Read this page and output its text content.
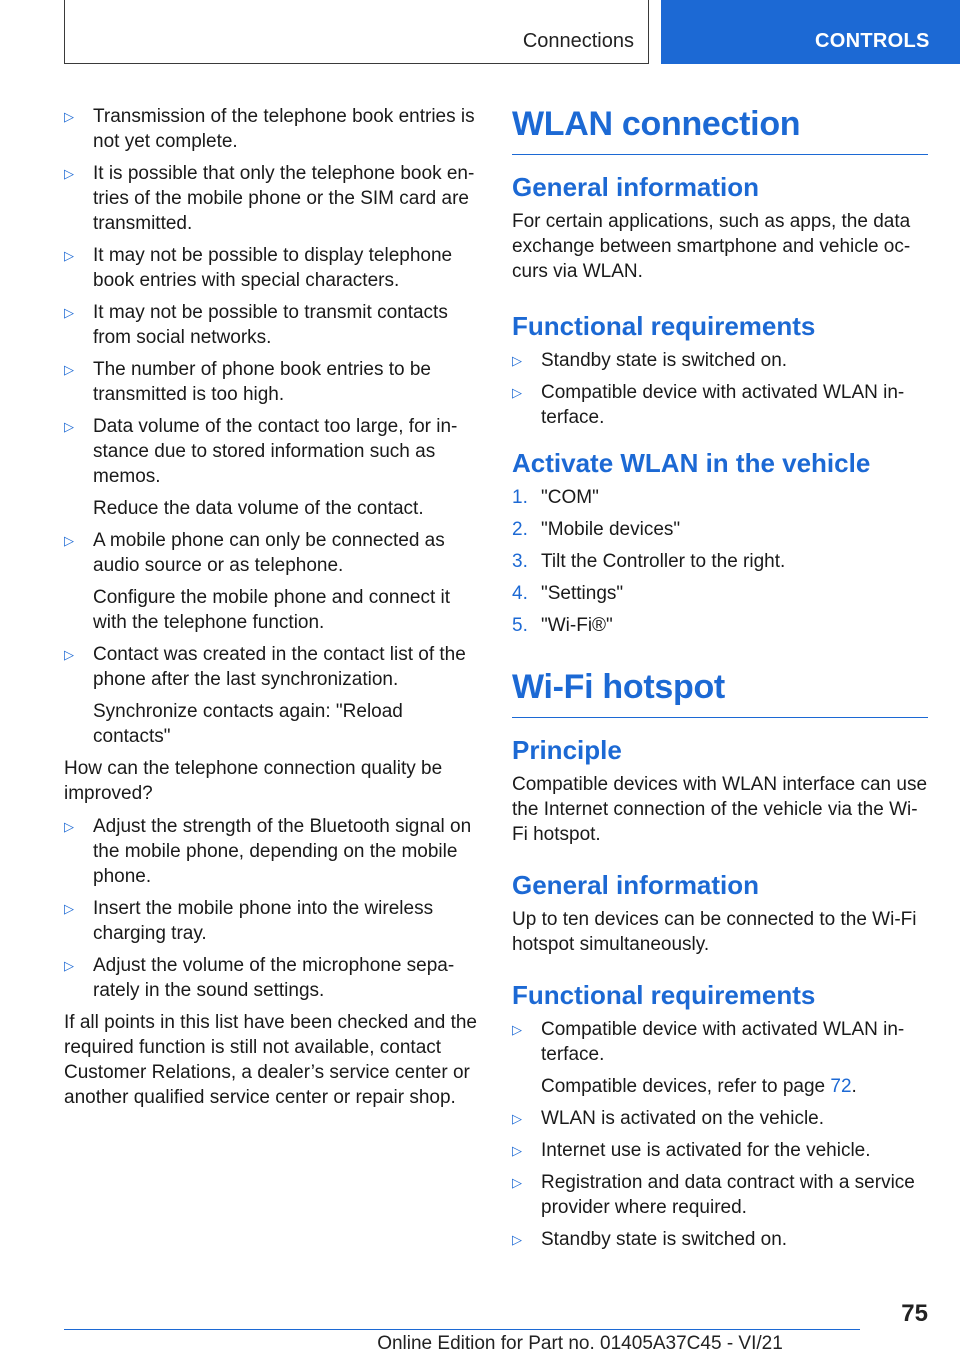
Connections	CONTROLS
▷ Transmission of the telephone book entries is not yet complete.

▷ It is possible that only the telephone book en‐tries of the mobile phone or the SIM card are transmitted.

▷ It may not be possible to display telephone book entries with special characters.

▷ It may not be possible to transmit contacts from social networks.

▷ The number of phone book entries to be transmitted is too high.

▷ Data volume of the contact too large, for in‐stance due to stored information such as memos.

Reduce the data volume of the contact.

▷ A mobile phone can only be connected as audio source or as telephone.

Configure the mobile phone and connect it with the telephone function.

▷ Contact was created in the contact list of the phone after the last synchronization.

Synchronize contacts again: "Reload contacts"

How can the telephone connection quality be improved?

▷ Adjust the strength of the Bluetooth signal on the mobile phone, depending on the mobile phone.

▷ Insert the mobile phone into the wireless charging tray.

▷ Adjust the volume of the microphone sepa‐rately in the sound settings.

If all points in this list have been checked and the required function is still not available, contact Customer Relations, a dealer’s service center or another qualified service center or repair shop.

WLAN connection
General information

For certain applications, such as apps, the data exchange between smartphone and vehicle oc‐curs via WLAN.

Functional requirements
▷ Standby state is switched on.

▷ Compatible device with activated WLAN in‐terface.

Activate WLAN in the vehicle
1. "COM"

2. "Mobile devices"

3. Tilt the Controller to the right.

4. "Settings"

5. "Wi-Fi®"

Wi-Fi hotspot
Principle

Compatible devices with WLAN interface can use the Internet connection of the vehicle via the Wi-Fi hotspot.

General information

Up to ten devices can be connected to the Wi-Fi hotspot simultaneously.

Functional requirements
▷ Compatible device with activated WLAN in‐terface.

Compatible devices, refer to page 72.

▷ WLAN is activated on the vehicle.

▷ Internet use is activated for the vehicle.

▷ Registration and data contract with a service provider where required.

▷ Standby state is switched on.

75
Online Edition for Part no. 01405A37C45 - VI/21
